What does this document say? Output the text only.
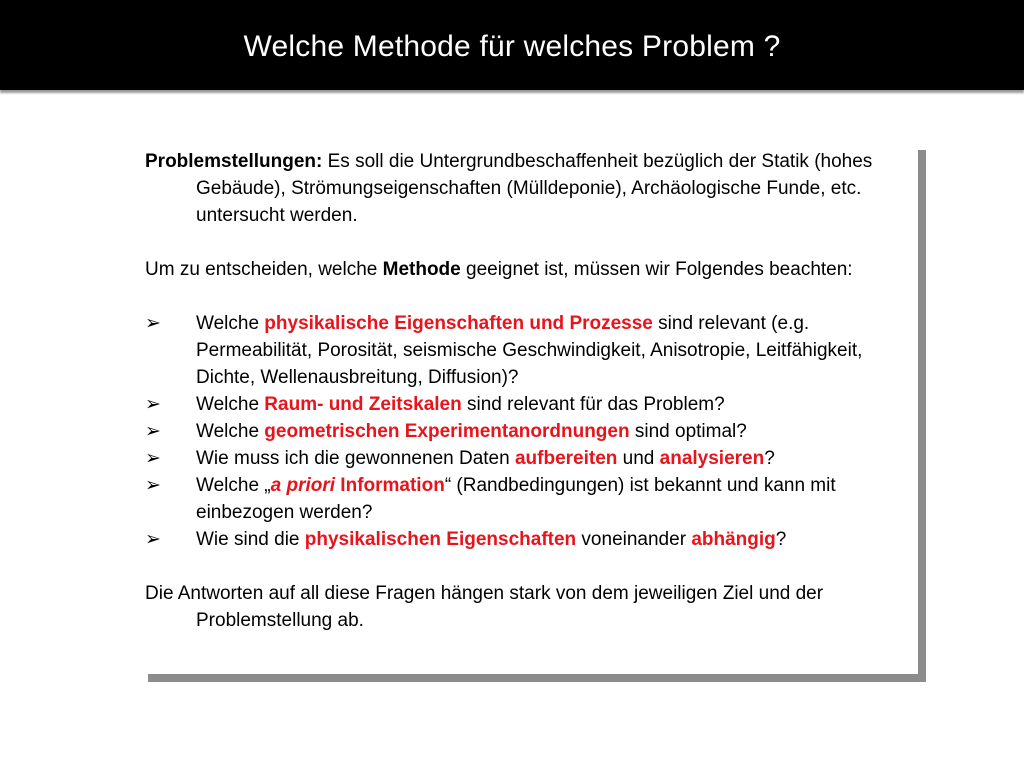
Welche Methode für welches Problem ?

Problemstellungen: Es soll die Untergrundbeschaffenheit bezüglich der Statik (hohes Gebäude), Strömungseigenschaften (Mülldeponie), Archäologische Funde, etc. untersucht werden.

Um zu entscheiden, welche Methode geeignet ist, müssen wir Folgendes beachten:

➢ Welche physikalische Eigenschaften und Prozesse sind relevant (e.g. Permeabilität, Porosität, seismische Geschwindigkeit, Anisotropie, Leitfähigkeit, Dichte, Wellenausbreitung, Diffusion)?

➢ Welche Raum- und Zeitskalen sind relevant für das Problem?

➢ Welche geometrischen Experimentanordnungen sind optimal?

➢ Wie muss ich die gewonnenen Daten aufbereiten und analysieren?

➢ Welche „a priori Information“ (Randbedingungen) ist bekannt und kann mit einbezogen werden?

➢ Wie sind die physikalischen Eigenschaften voneinander abhängig?

Die Antworten auf all diese Fragen hängen stark von dem jeweiligen Ziel und der Problemstellung ab.
